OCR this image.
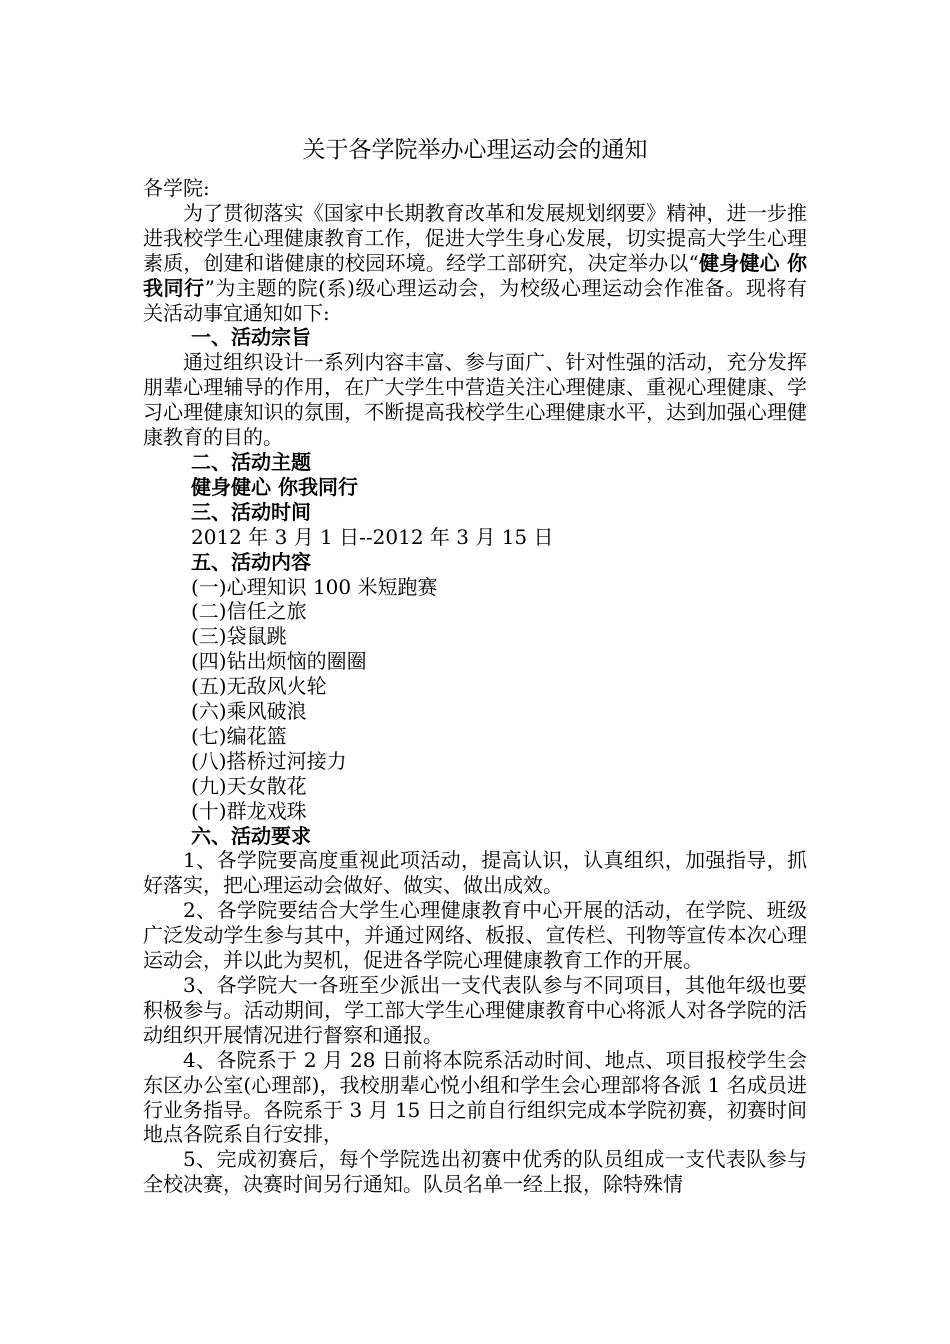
关于各学院举办心理运动会的通知

各学院:

为了贯彻落实《国家中长期教育改革和发展规划纲要》精神，进一步推进我校学生心理健康教育工作，促进大学生身心发展，切实提高大学生心理素质，创建和谐健康的校园环境。经学工部研究，决定举办以“健身健心 你我同行”为主题的院(系)级心理运动会，为校级心理运动会作准备。现将有关活动事宜通知如下:

一、活动宗旨

通过组织设计一系列内容丰富、参与面广、针对性强的活动，充分发挥朋辈心理辅导的作用，在广大学生中营造关注心理健康、重视心理健康、学习心理健康知识的氛围，不断提高我校学生心理健康水平，达到加强心理健康教育的目的。

二、活动主题

健身健心 你我同行

三、活动时间

2012 年 3 月 1 日--2012 年 3 月 15 日

五、活动内容

(一)心理知识 100 米短跑赛
(二)信任之旅
(三)袋鼠跳
(四)钻出烦恼的圈圈
(五)无敌风火轮
(六)乘风破浪
(七)编花篮
(八)搭桥过河接力
(九)天女散花
(十)群龙戏珠

六、活动要求

1、各学院要高度重视此项活动，提高认识，认真组织，加强指导，抓好落实，把心理运动会做好、做实、做出成效。

2、各学院要结合大学生心理健康教育中心开展的活动，在学院、班级广泛发动学生参与其中，并通过网络、板报、宣传栏、刊物等宣传本次心理运动会，并以此为契机，促进各学院心理健康教育工作的开展。

3、各学院大一各班至少派出一支代表队参与不同项目，其他年级也要积极参与。活动期间，学工部大学生心理健康教育中心将派人对各学院的活动组织开展情况进行督察和通报。

4、各院系于 2 月 28 日前将本院系活动时间、地点、项目报校学生会东区办公室(心理部)，我校朋辈心悦小组和学生会心理部将各派 1 名成员进行业务指导。各院系于 3 月 15 日之前自行组织完成本学院初赛，初赛时间地点各院系自行安排，

5、完成初赛后，每个学院选出初赛中优秀的队员组成一支代表队参与全校决赛，决赛时间另行通知。队员名单一经上报，除特殊情
